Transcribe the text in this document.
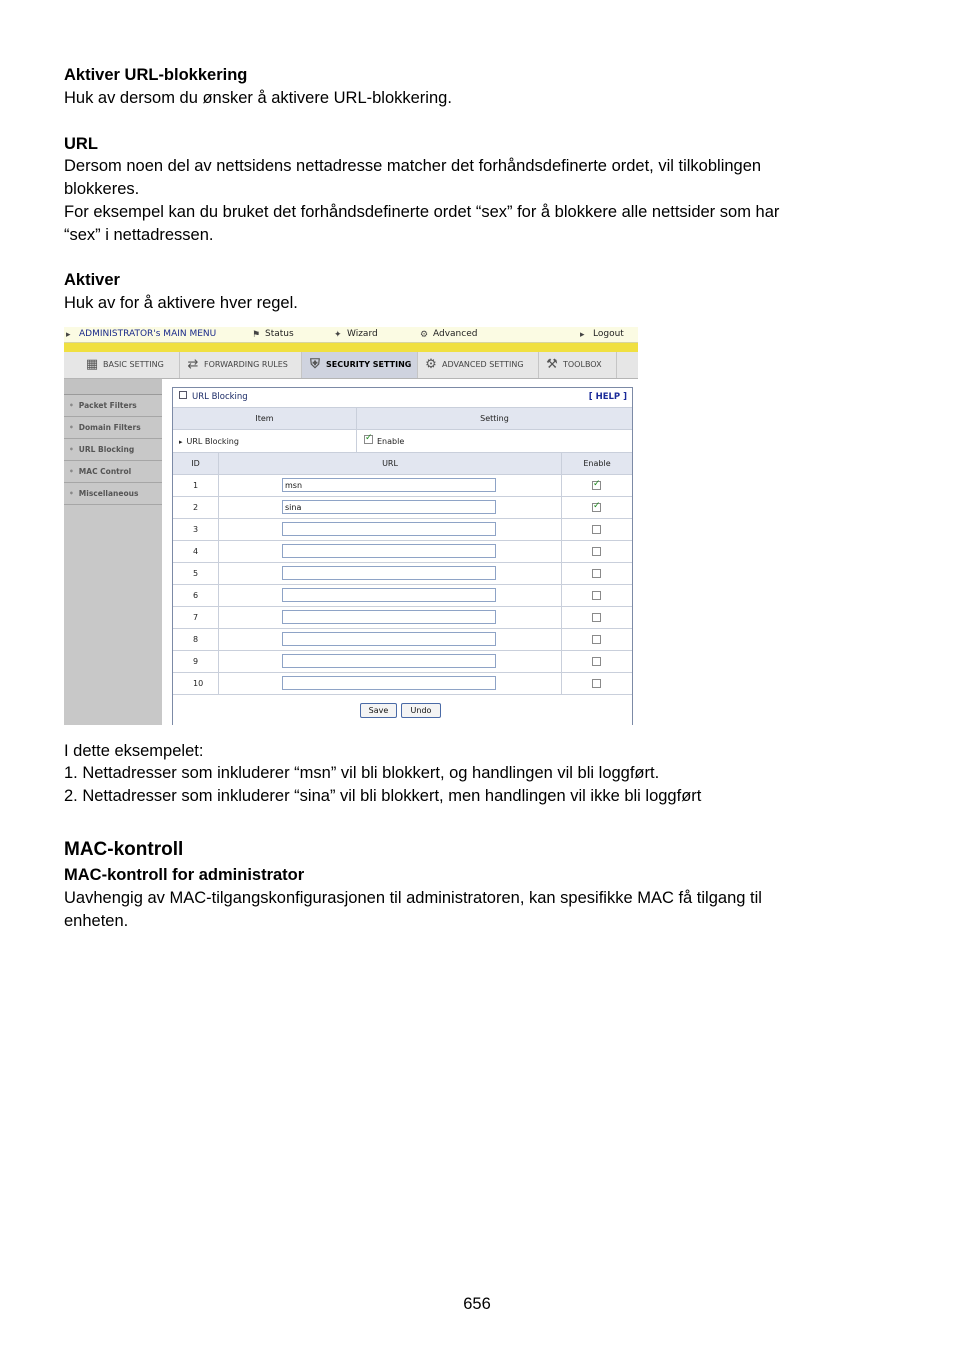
Aktiver URL-blokkering

Huk av dersom du ønsker å aktivere URL-blokkering.

URL

Dersom noen del av nettsidens nettadresse matcher det forhåndsdefinerte ordet, vil tilkoblingen

blokkeres.

For eksempel kan du bruket det forhåndsdefinerte ordet “sex” for å blokkere alle nettsider som har

“sex” i nettadressen.

Aktiver

Huk av for å aktivere hver regel.

▸ ADMINISTRATOR's MAIN MENU	⚑ Status	✦ Wizard	⚙ Advanced	▸ Logout
▦ BASIC SETTING	⇄ FORWARDING RULES	⛨ SECURITY SETTING	⚙ ADVANCED SETTING	⚒ TOOLBOX
• Packet Filters
• Domain Filters
• URL Blocking
• MAC Control
• Miscellaneous
URL Blocking	[ HELP ]
Item	Setting
▸ URL Blocking
✓	Enable
ID	URL	Enable
1	msn
✓
2	sina
✓
3
4
5
6
7
8
9
10
Save	Undo

I dette eksempelet:

1. Nettadresser som inkluderer “msn” vil bli blokkert, og handlingen vil bli loggført.

2. Nettadresser som inkluderer “sina” vil bli blokkert, men handlingen vil ikke bli loggført

MAC-kontroll

MAC-kontroll for administrator

Uavhengig av MAC-tilgangskonfigurasjonen til administratoren, kan spesifikke MAC få tilgang til

enheten.

656
